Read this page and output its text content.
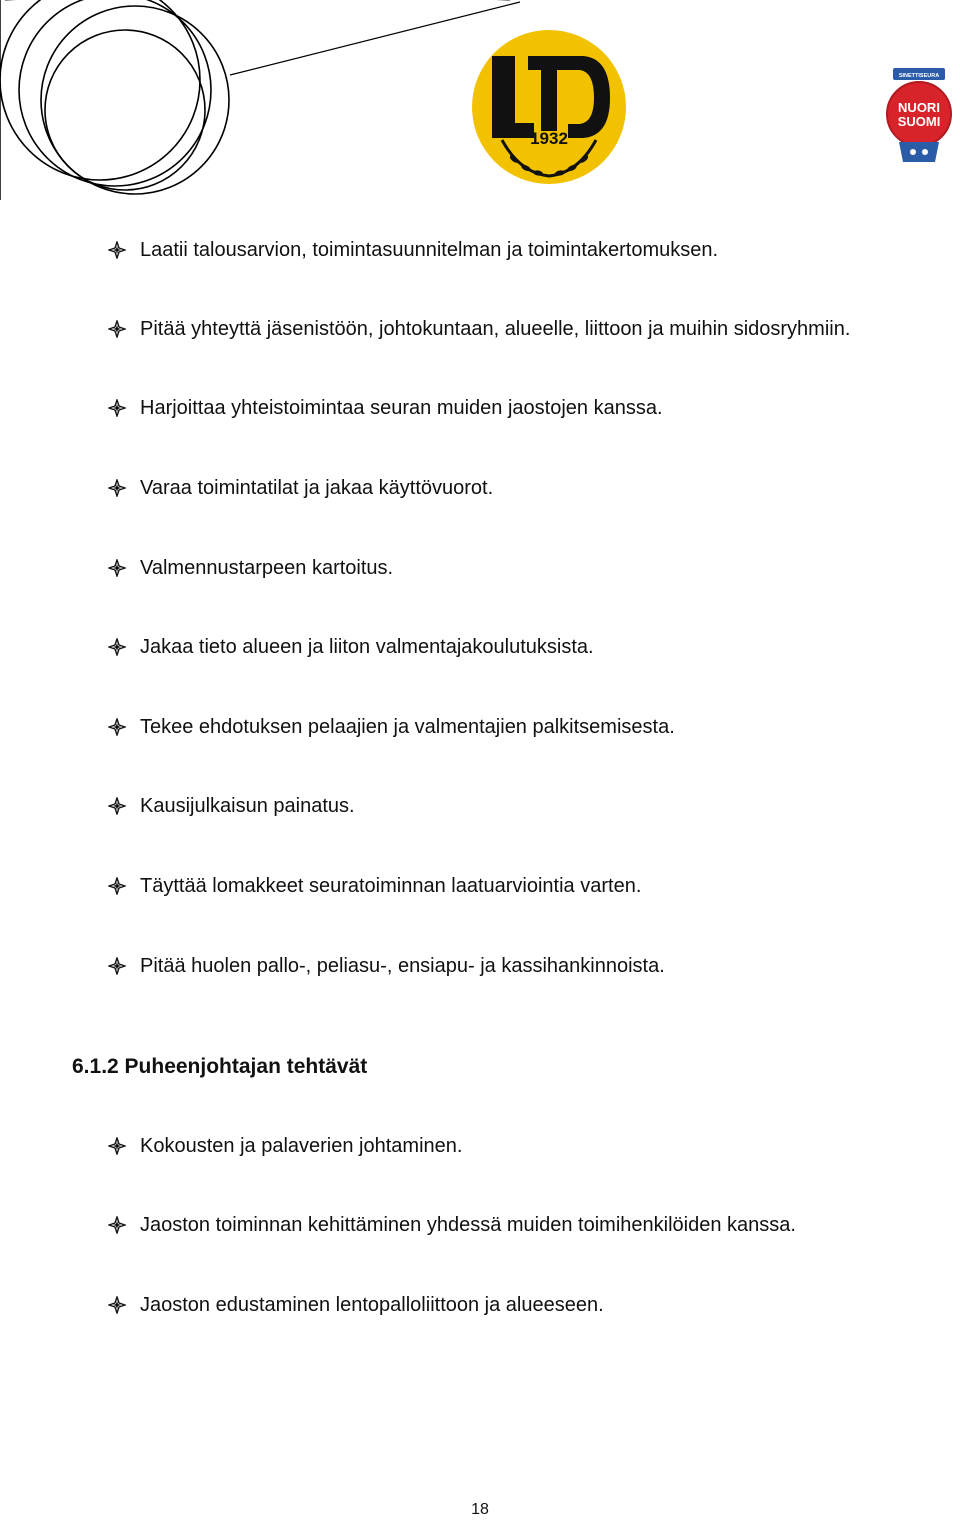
1932
SINETTISEURA
NUORI
SUOMI
Laatii talousarvion, toimintasuunnitelman ja toimintakertomuksen.
Pitää yhteyttä jäsenistöön, johtokuntaan, alueelle, liittoon ja muihin sidosryhmiin.
Harjoittaa yhteistoimintaa seuran muiden jaostojen kanssa.
Varaa toimintatilat ja jakaa käyttövuorot.
Valmennustarpeen kartoitus.
Jakaa tieto alueen ja liiton valmentajakoulutuksista.
Tekee ehdotuksen pelaajien ja valmentajien palkitsemisesta.
Kausijulkaisun painatus.
Täyttää lomakkeet seuratoiminnan laatuarviointia varten.
Pitää huolen pallo-, peliasu-, ensiapu- ja kassihankinnoista.
6.1.2 Puheenjohtajan tehtävät
Kokousten ja palaverien johtaminen.
Jaoston toiminnan kehittäminen yhdessä muiden toimihenkilöiden kanssa.
Jaoston edustaminen lentopalloliittoon ja alueeseen.
18
